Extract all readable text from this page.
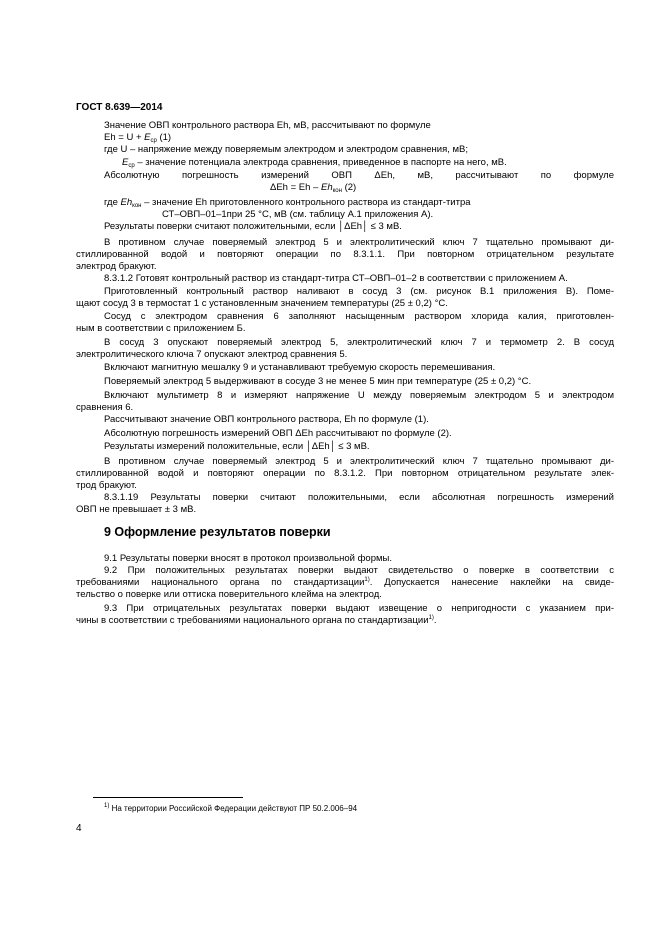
ГОСТ 8.639—2014
Значение ОВП контрольного раствора Eh, мВ, рассчитывают по формуле
$Eh = U + E_{ср}$ (1)
где U – напряжение между поверяемым электродом и электродом сравнения, мВ;
$E_{ср}$ – значение потенциала электрода сравнения, приведенное в паспорте на него, мВ.
Абсолютную погрешность измерений ОВП ΔEh, мВ, рассчитывают по формуле
$\Delta Eh = Eh - Eh_{кон}$ (2)
где $Eh_{кон}$ – значение Eh приготовленного контрольного раствора из стандарт-титра
СТ–ОВП–01–1при 25 °С, мВ (см. таблицу А.1 приложения А).
Результаты поверки считают положительными, если │ΔEh│ ≤ 3 мВ.
В противном случае поверяемый электрод 5 и электролитический ключ 7 тщательно промывают ди-
стиллированной водой и повторяют операции по 8.3.1.1. При повторном отрицательном результате
электрод бракуют.
8.3.1.2 Готовят контрольный раствор из стандарт-титра СТ–ОВП–01–2 в соответствии с приложением А.
Приготовленный контрольный раствор наливают в сосуд 3 (см. рисунок В.1 приложения В). Поме-
щают сосуд 3 в термостат 1 с установленным значением температуры (25 ± 0,2) °С.
Сосуд с электродом сравнения 6 заполняют насыщенным раствором хлорида калия, приготовлен-
ным в соответствии с приложением Б.
В сосуд 3 опускают поверяемый электрод 5, электролитический ключ 7 и термометр 2. В сосуд
электролитического ключа 7 опускают электрод сравнения 5.
Включают магнитную мешалку 9 и устанавливают требуемую скорость перемешивания.
Поверяемый электрод 5 выдерживают в сосуде 3 не менее 5 мин при температуре (25 ± 0,2) °С.
Включают мультиметр 8 и измеряют напряжение U между поверяемым электродом 5 и электродом
сравнения 6.
Рассчитывают значение ОВП контрольного раствора, Eh по формуле (1).
Абсолютную погрешность измерений ОВП ΔEh рассчитывают по формуле (2).
Результаты измерений положительные, если │ΔEh│ ≤ 3 мВ.
В противном случае поверяемый электрод 5 и электролитический ключ 7 тщательно промывают ди-
стиллированной водой и повторяют операции по 8.3.1.2. При повторном отрицательном результате элек-
трод бракуют.
8.3.1.19 Результаты поверки считают положительными, если абсолютная погрешность измерений
ОВП не превышает ± 3 мВ.
9 Оформление результатов поверки
9.1 Результаты поверки вносят в протокол произвольной формы.
9.2 При положительных результатах поверки выдают свидетельство о поверке в соответствии с
требованиями национального органа по стандартизации$^{1)}$. Допускается нанесение наклейки на свиде-
тельство о поверке или оттиска поверительного клейма на электрод.
9.3 При отрицательных результатах поверки выдают извещение о непригодности с указанием при-
чины в соответствии с требованиями национального органа по стандартизации$^{1)}$.
$^{1)}$ На территории Российской Федерации действуют ПР 50.2.006–94
4
